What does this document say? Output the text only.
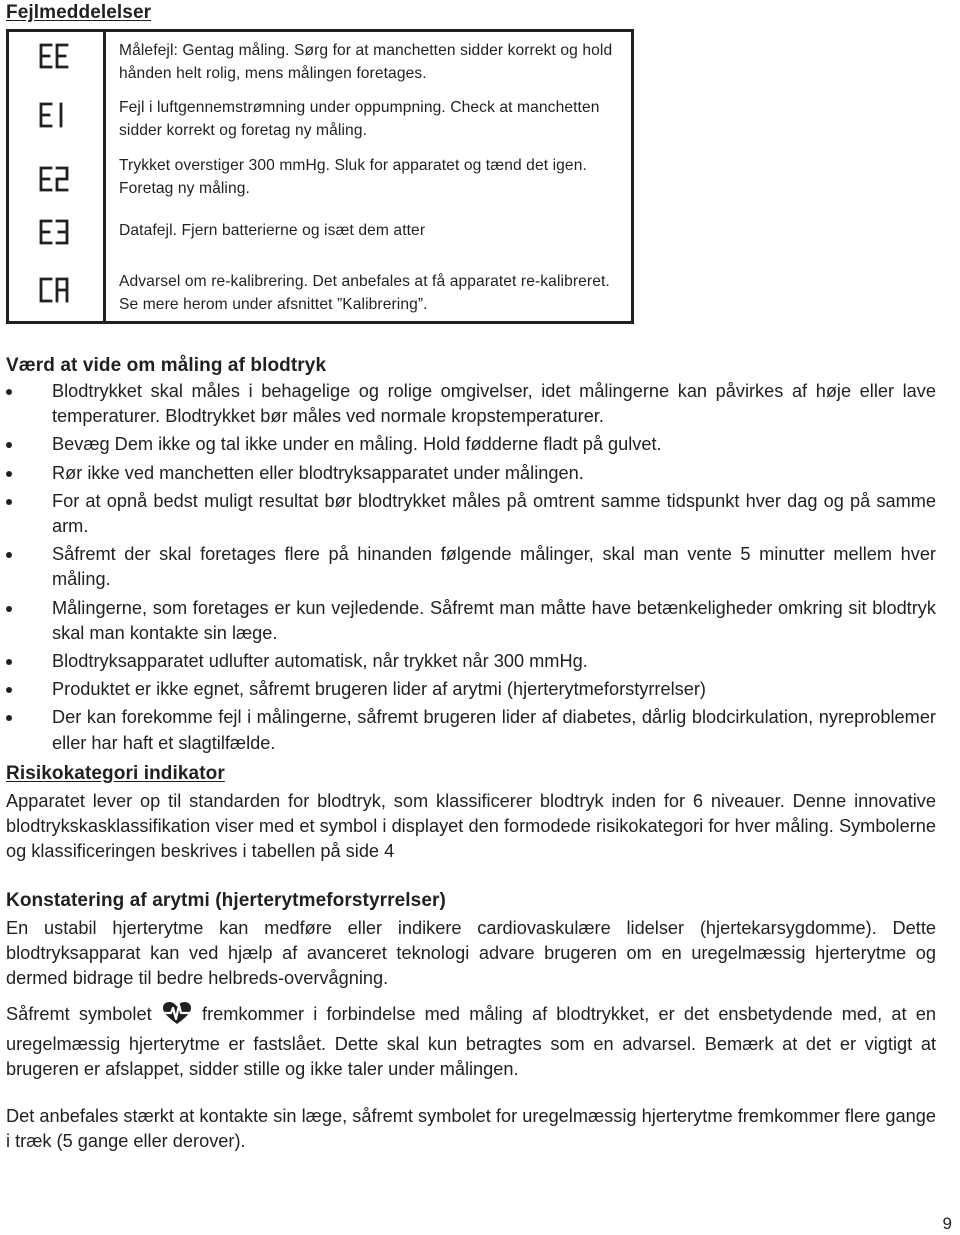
Fejlmeddelelser
Målefejl: Gentag måling. Sørg for at manchetten sidder korrekt og hold hånden helt rolig, mens målingen foretages.
Fejl i luftgennemstrømning under oppumpning. Check at manchetten sidder korrekt og foretag ny måling.
Trykket overstiger 300 mmHg. Sluk for apparatet og tænd det igen. Foretag ny måling.
Datafejl. Fjern batterierne og isæt dem atter
Advarsel om re-kalibrering. Det anbefales at få apparatet re-kalibreret. Se mere herom under afsnittet ”Kalibrering”.
Værd at vide om måling af blodtryk
Blodtrykket skal måles i behagelige og rolige omgivelser, idet målingerne kan påvirkes af høje eller lave temperaturer. Blodtrykket bør måles ved normale kropstemperaturer.
Bevæg Dem ikke og tal ikke under en måling. Hold fødderne fladt på gulvet.
Rør ikke ved manchetten eller blodtryksapparatet under målingen.
For at opnå bedst muligt resultat bør blodtrykket måles på omtrent samme tidspunkt hver dag og på samme arm.
Såfremt der skal foretages flere på hinanden følgende målinger, skal man vente 5 minutter mellem hver måling.
Målingerne, som foretages er kun vejledende. Såfremt man måtte have betænkeligheder omkring sit blodtryk skal man kontakte sin læge.
Blodtryksapparatet udlufter automatisk, når trykket når 300 mmHg.
Produktet er ikke egnet, såfremt brugeren lider af arytmi (hjerterytmeforstyrrelser)
Der kan forekomme fejl i målingerne, såfremt brugeren lider af diabetes, dårlig blodcirkulation, nyreproblemer eller har haft et slagtilfælde.
Risikokategori indikator

Apparatet lever op til standarden for blodtryk, som klassificerer blodtryk inden for 6 niveauer. Denne innovative blodtrykskasklassifikation viser med et symbol i displayet den formodede risikokategori for hver måling. Symbolerne og klassificeringen beskrives i tabellen på side 4

Konstatering af arytmi (hjerterytmeforstyrrelser)

En ustabil hjerterytme kan medføre eller indikere cardiovaskulære lidelser (hjertekarsygdomme). Dette blodtryksapparat kan ved hjælp af avanceret teknologi advare brugeren om en uregelmæssig hjerterytme og dermed bidrage til bedre helbreds-overvågning.

Såfremt symbolet	fremkommer i forbindelse med måling af blodtrykket, er det ensbetydende med, at en uregelmæssig hjerterytme er fastslået. Dette skal kun betragtes som en advarsel. Bemærk at det er vigtigt at brugeren er afslappet, sidder stille og ikke taler under målingen.

Det anbefales stærkt at kontakte sin læge, såfremt symbolet for uregelmæssig hjerterytme fremkommer flere gange i træk (5 gange eller derover).

9
